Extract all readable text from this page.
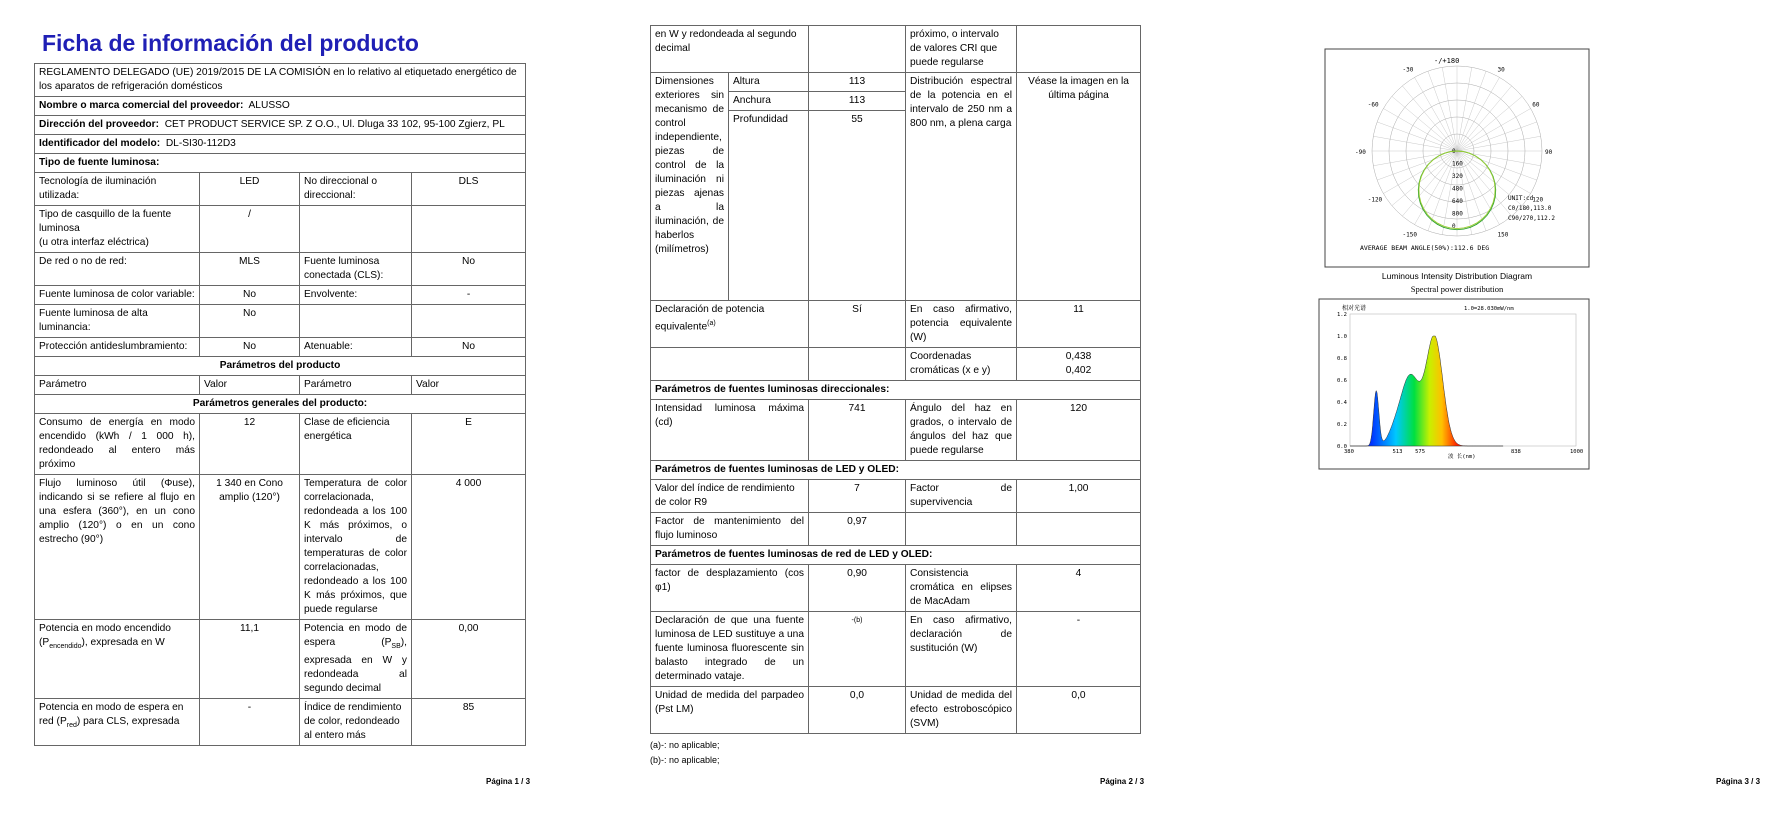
Ficha de información del producto
REGLAMENTO DELEGADO (UE) 2019/2015 DE LA COMISIÓN en lo relativo al etiquetado energético de los aparatos de refrigeración domésticos			
Nombre o marca comercial del proveedor: ALUSSO			
Dirección del proveedor: CET PRODUCT SERVICE SP. Z O.O., Ul. Dluga 33 102, 95-100 Zgierz, PL			
Identificador del modelo: DL-SI30-112D3			
Tipo de fuente luminosa:			
Tecnología de iluminación utilizada:	LED	No direccional o direccional:	DLS
Tipo de casquillo de la fuente luminosa
(u otra interfaz eléctrica)	/		
De red o no de red:	MLS	Fuente luminosa conectada (CLS):	No
Fuente luminosa de color variable:	No	Envolvente:	-
Fuente luminosa de alta luminancia:	No		
Protección antideslumbramiento:	No	Atenuable:	No
Parámetros del producto			
Parámetro	Valor	Parámetro	Valor
Parámetros generales del producto:			
Consumo de energía en modo encendido (kWh / 1 000 h), redondeado al entero más próximo	12	Clase de eficiencia energética	E
Flujo luminoso útil (Φuse), indicando si se refiere al flujo en una esfera (360°), en un cono amplio (120°) o en un cono estrecho (90°)	1 340 en Cono amplio (120°)	Temperatura de color correlacionada, redondeada a los 100 K más próximos, o intervalo de temperaturas de color correlacionadas, redondeado a los 100 K más próximos, que puede regularse	4 000
Potencia en modo encendido $(P_{encendido})$, expresada en W	11,1	Potencia en modo de espera $(P_{SB})$, expresada en W y redondeada al segundo decimal	0,00
Potencia en modo de espera en red $(P_{red})$ para CLS, expresada	-	Índice de rendimiento de color, redondeado al entero más	85
Página 1 / 3
en W y redondeada al segundo decimal			próximo, o intervalo de valores CRI que puede regularse	
Dimensiones exteriores sin mecanismo de control independiente, piezas de control de la iluminación ni piezas ajenas a la iluminación, de haberlos (milímetros)	Altura	113	Distribución espectral de la potencia en el intervalo de 250 nm a 800 nm, a plena carga	Véase la imagen en la última página
	Anchura	113		
	Profundidad	55		
Declaración de potencia equivalente$^{(a)}$		Sí	En caso afirmativo, potencia equivalente (W)	11
			Coordenadas cromáticas (x e y)	0,438
0,402
Parámetros de fuentes luminosas direccionales:				
Intensidad luminosa máxima (cd)		741	Ángulo del haz en grados, o intervalo de ángulos del haz que puede regularse	120
Parámetros de fuentes luminosas de LED y OLED:				
Valor del índice de rendimiento de color R9		7	Factor de supervivencia	1,00
Factor de mantenimiento del flujo luminoso		0,97		
Parámetros de fuentes luminosas de red de LED y OLED:				
factor de desplazamiento (cos φ1)		0,90	Consistencia cromática en elipses de MacAdam	4
Declaración de que una fuente luminosa de LED sustituye a una fuente luminosa fluorescente sin balasto integrado de un determinado vataje.		-(b)	En caso afirmativo, declaración de sustitución (W)	-
Unidad de medida del parpadeo (Pst LM)		0,0	Unidad de medida del efecto estroboscópico (SVM)	0,0
(a)-: no aplicable;
(b)-: no aplicable;
Página 2 / 3
-150	150
-120	120
-90	90
-60	60
-30	30
0
160
320
480
640
800
0
-/+180
UNIT:cd
C0/180,113.0
C90/270,112.2
AVERAGE BEAM ANGLE(50%):112.6 DEG
Luminous Intensity Distribution Diagram
Spectral power distribution
相对光谱	1.0=28.030mW/nm
1.2
1.0
0.8
0.6
0.4
0.2
0.0
380	513 575	838	1000
波 长(nm)
Página 3 / 3
